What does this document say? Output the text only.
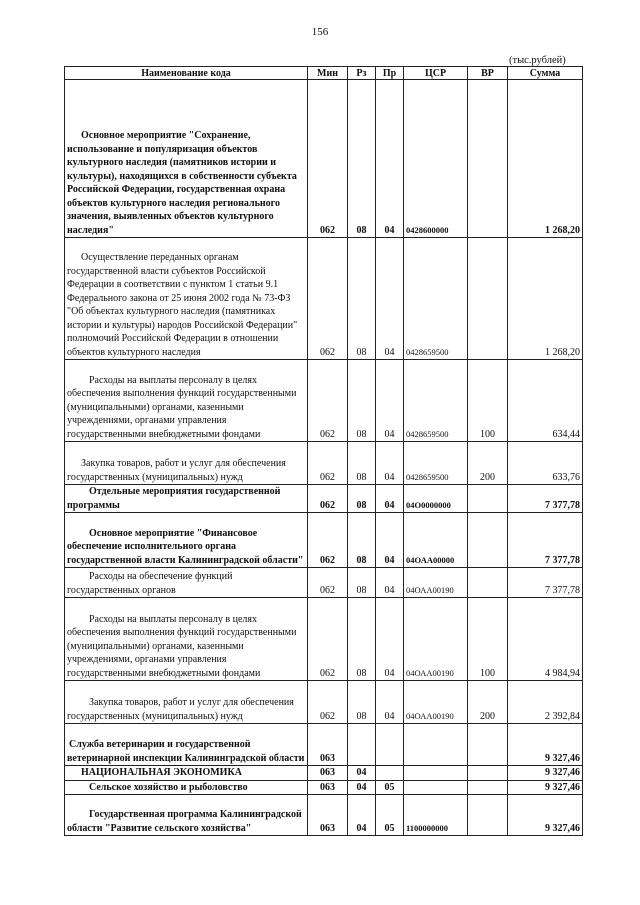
156
(тыс.рублей)
Наименование кода	Мин	Рз	Пр	ЦСР	ВР	Сумма
Основное мероприятие "Сохранение, использование и популяризация объектов культурного наследия (памятников истории и культуры), находящихся в собственности субъекта Российской Федерации, государственная охрана объектов культурного наследия регионального значения, выявленных объектов культурного наследия"	062	08	04	0428600000		1 268,20
Осуществление переданных органам государственной власти субъектов Российской Федерации в соответствии с пунктом 1 статьи 9.1 Федерального закона от 25 июня 2002 года № 73-ФЗ "Об объектах культурного наследия (памятниках истории и культуры) народов Российской Федерации" полномочий Российской Федерации в отношении объектов культурного наследия	062	08	04	0428659500		1 268,20
Расходы на выплаты персоналу в целях обеспечения выполнения функций государственными (муниципальными) органами, казенными учреждениями, органами управления государственными внебюджетными фондами	062	08	04	0428659500	100	634,44
Закупка товаров, работ и услуг для обеспечения государственных (муниципальных) нужд	062	08	04	0428659500	200	633,76
Отдельные мероприятия государственной программы	062	08	04	04О0000000		7 377,78
Основное мероприятие "Финансовое обеспечение исполнительного органа государственной власти Калининградской области"	062	08	04	04ОАА00000		7 377,78
Расходы на обеспечение функций государственных органов	062	08	04	04ОАА00190		7 377,78
Расходы на выплаты персоналу в целях обеспечения выполнения функций государственными (муниципальными) органами, казенными учреждениями, органами управления государственными внебюджетными фондами	062	08	04	04ОАА00190	100	4 984,94
Закупка товаров, работ и услуг для обеспечения государственных (муниципальных) нужд	062	08	04	04ОАА00190	200	2 392,84
Служба ветеринарии и государственной ветеринарной инспекции Калининградской области	063					9 327,46
НАЦИОНАЛЬНАЯ ЭКОНОМИКА	063	04				9 327,46
Сельское хозяйство и рыболовство	063	04	05			9 327,46
Государственная программа Калининградской области "Развитие сельского хозяйства"	063	04	05	1100000000		9 327,46
